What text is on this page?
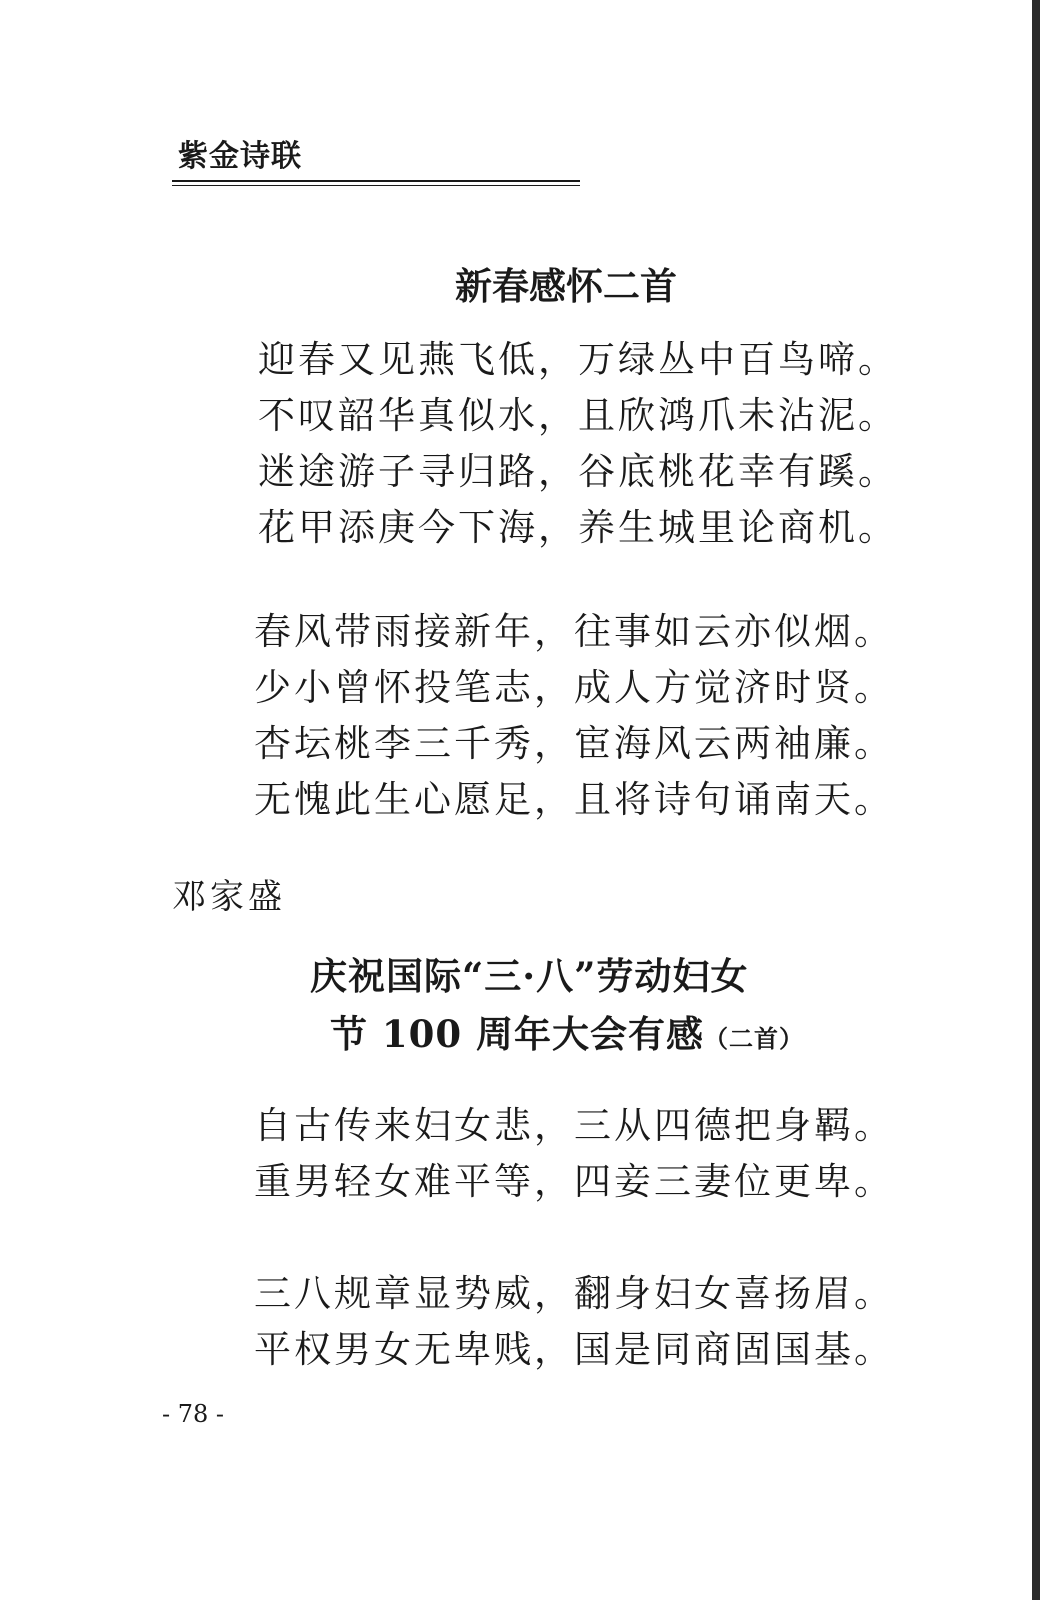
紫金诗联
新春感怀二首
迎春又见燕飞低，万绿丛中百鸟啼。
不叹韶华真似水，且欣鸿爪未沾泥。
迷途游子寻归路，谷底桃花幸有蹊。
花甲添庚今下海，养生城里论商机。
春风带雨接新年，往事如云亦似烟。
少小曾怀投笔志，成人方觉济时贤。
杏坛桃李三千秀，宦海风云两袖廉。
无愧此生心愿足，且将诗句诵南天。
邓家盛
庆祝国际“三·八”劳动妇女
节 100 周年大会有感（二首）
自古传来妇女悲，三从四德把身羁。
重男轻女难平等，四妾三妻位更卑。
三八规章显势威，翻身妇女喜扬眉。
平权男女无卑贱，国是同商固国基。
- 78 -
